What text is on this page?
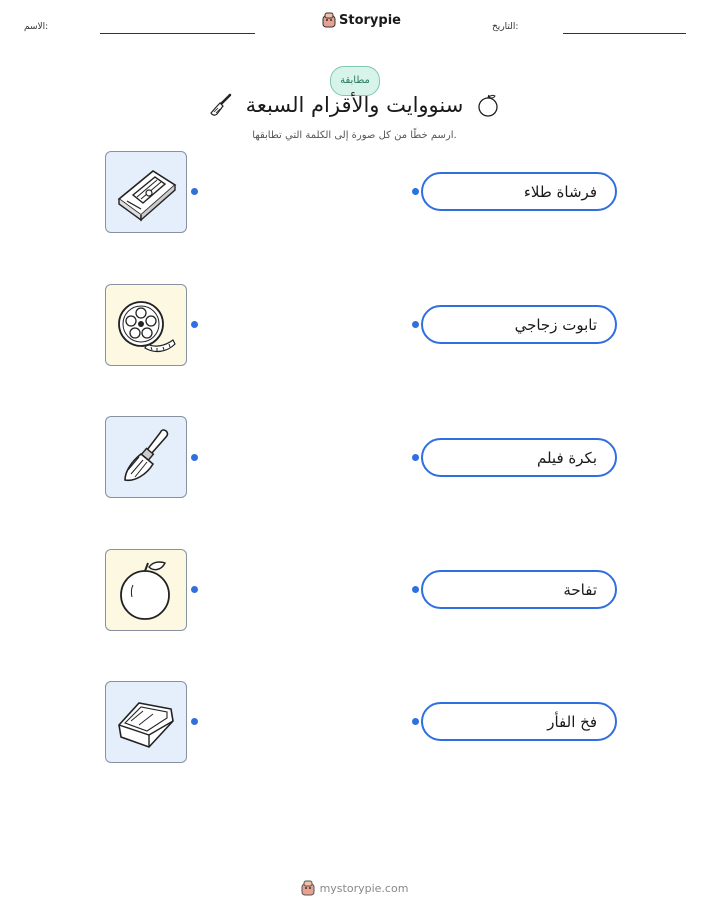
الاسم:	Storypie	التاريخ:
مطابقة
سنووايت والأقزام السبعة
ارسم خطًا من كل صورة إلى الكلمة التي تطابقها.
فرشاة طلاء
تابوت زجاجي
بكرة فيلم
تفاحة
فخ الفأر
mystorypie.com
